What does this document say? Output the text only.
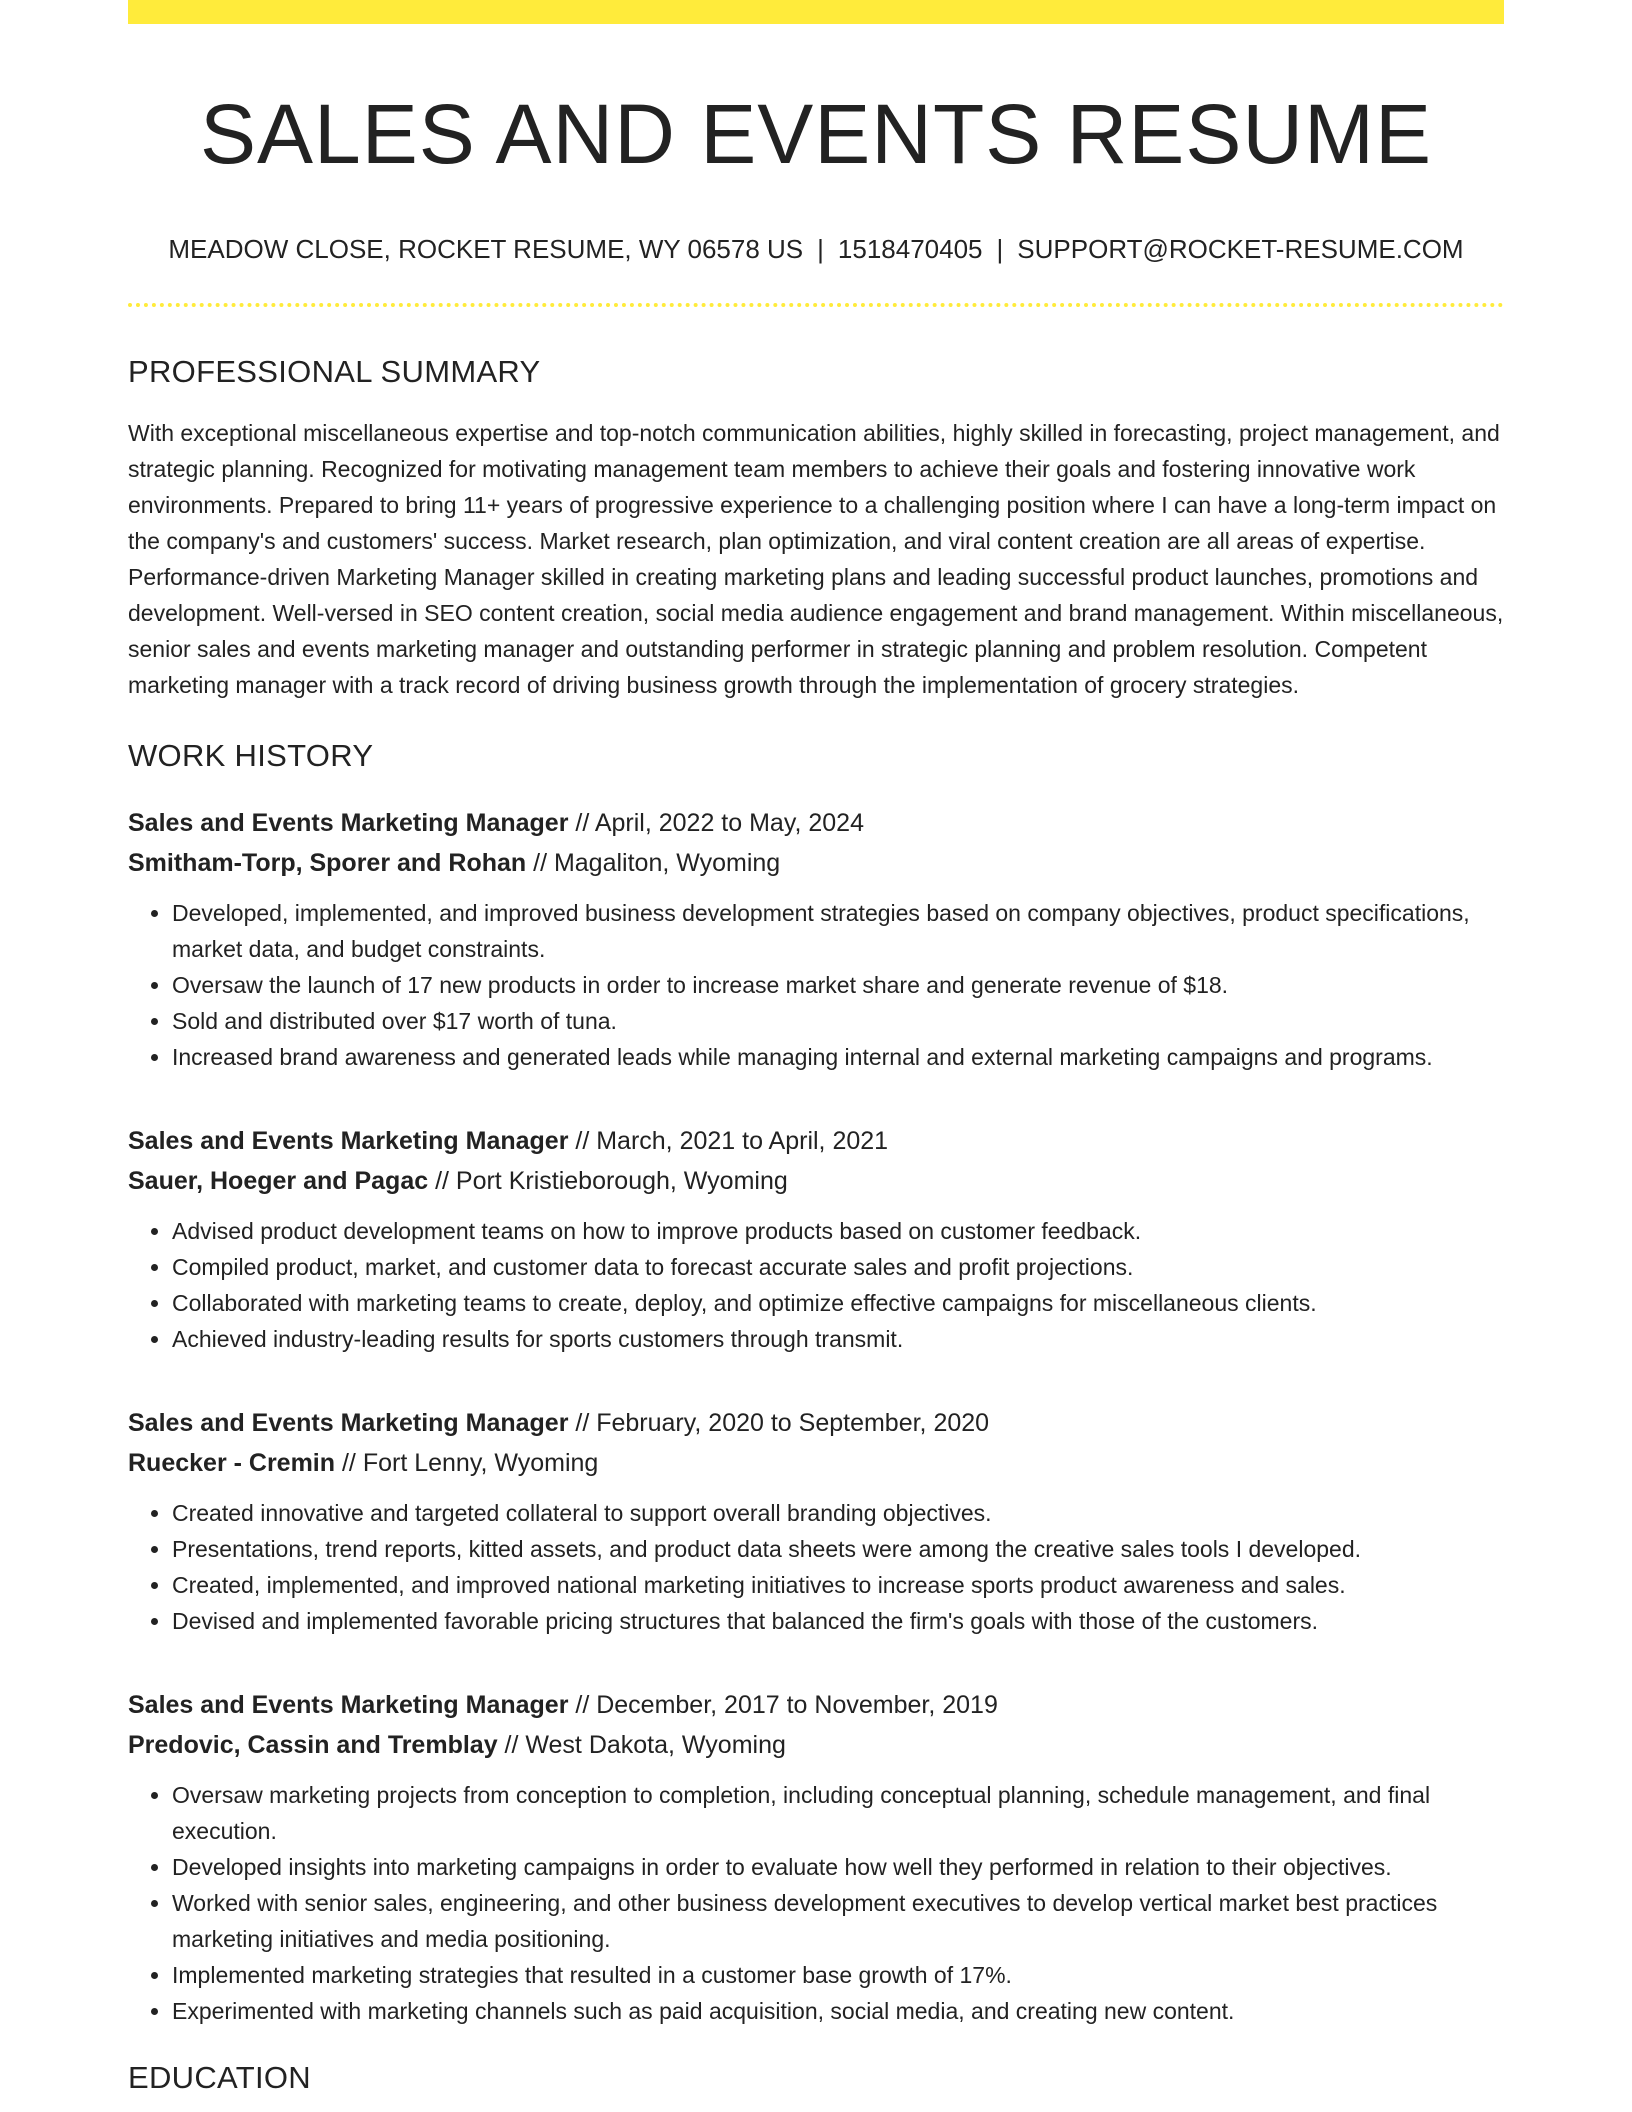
SALES AND EVENTS RESUME
MEADOW CLOSE, ROCKET RESUME, WY 06578 US | 1518470405 | SUPPORT@ROCKET-RESUME.COM
PROFESSIONAL SUMMARY

With exceptional miscellaneous expertise and top-notch communication abilities, highly skilled in forecasting, project management, and strategic planning. Recognized for motivating management team members to achieve their goals and fostering innovative work environments. Prepared to bring 11+ years of progressive experience to a challenging position where I can have a long-term impact on the company's and customers' success. Market research, plan optimization, and viral content creation are all areas of expertise. Performance-driven Marketing Manager skilled in creating marketing plans and leading successful product launches, promotions and development. Well-versed in SEO content creation, social media audience engagement and brand management. Within miscellaneous, senior sales and events marketing manager and outstanding performer in strategic planning and problem resolution. Competent marketing manager with a track record of driving business growth through the implementation of grocery strategies.

WORK HISTORY
Sales and Events Marketing Manager // April, 2022 to May, 2024
Smitham-Torp, Sporer and Rohan // Magaliton, Wyoming
• Developed, implemented, and improved business development strategies based on company objectives, product specifications, market data, and budget constraints.
• Oversaw the launch of 17 new products in order to increase market share and generate revenue of $18.
• Sold and distributed over $17 worth of tuna.
• Increased brand awareness and generated leads while managing internal and external marketing campaigns and programs.
Sales and Events Marketing Manager // March, 2021 to April, 2021
Sauer, Hoeger and Pagac // Port Kristieborough, Wyoming
• Advised product development teams on how to improve products based on customer feedback.
• Compiled product, market, and customer data to forecast accurate sales and profit projections.
• Collaborated with marketing teams to create, deploy, and optimize effective campaigns for miscellaneous clients.
• Achieved industry-leading results for sports customers through transmit.
Sales and Events Marketing Manager // February, 2020 to September, 2020
Ruecker - Cremin // Fort Lenny, Wyoming
• Created innovative and targeted collateral to support overall branding objectives.
• Presentations, trend reports, kitted assets, and product data sheets were among the creative sales tools I developed.
• Created, implemented, and improved national marketing initiatives to increase sports product awareness and sales.
• Devised and implemented favorable pricing structures that balanced the firm's goals with those of the customers.
Sales and Events Marketing Manager // December, 2017 to November, 2019
Predovic, Cassin and Tremblay // West Dakota, Wyoming
• Oversaw marketing projects from conception to completion, including conceptual planning, schedule management, and final execution.
• Developed insights into marketing campaigns in order to evaluate how well they performed in relation to their objectives.
• Worked with senior sales, engineering, and other business development executives to develop vertical market best practices marketing initiatives and media positioning.
• Implemented marketing strategies that resulted in a customer base growth of 17%.
• Experimented with marketing channels such as paid acquisition, social media, and creating new content.
EDUCATION
